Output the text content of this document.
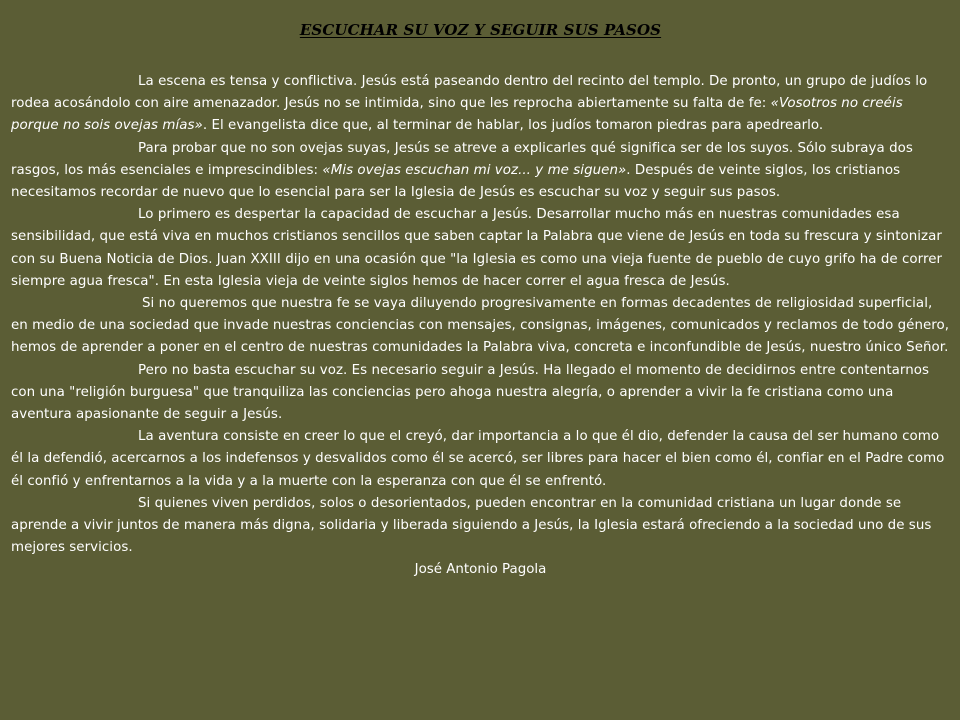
ESCUCHAR SU VOZ Y SEGUIR SUS PASOS

La escena es tensa y conflictiva. Jesús está paseando dentro del recinto del templo. De pronto, un grupo de judíos lo rodea acosándolo con aire amenazador. Jesús no se intimida, sino que les reprocha abiertamente su falta de fe: «Vosotros no creéis porque no sois ovejas mías». El evangelista dice que, al terminar de hablar, los judíos tomaron piedras para apedrearlo.

Para probar que no son ovejas suyas, Jesús se atreve a explicarles qué significa ser de los suyos. Sólo subraya dos rasgos, los más esenciales e imprescindibles: «Mis ovejas escuchan mi voz... y me siguen». Después de veinte siglos, los cristianos necesitamos recordar de nuevo que lo esencial para ser la Iglesia de Jesús es escuchar su voz y seguir sus pasos.

Lo primero es despertar la capacidad de escuchar a Jesús. Desarrollar mucho más en nuestras comunidades esa sensibilidad, que está viva en muchos cristianos sencillos que saben captar la Palabra que viene de Jesús en toda su frescura y sintonizar con su Buena Noticia de Dios. Juan XXIII dijo en una ocasión que "la Iglesia es como una vieja fuente de pueblo de cuyo grifo ha de correr siempre agua fresca". En esta Iglesia vieja de veinte siglos hemos de hacer correr el agua fresca de Jesús.

Si no queremos que nuestra fe se vaya diluyendo progresivamente en formas decadentes de religiosidad superficial, en medio de una sociedad que invade nuestras conciencias con mensajes, consignas, imágenes, comunicados y reclamos de todo género, hemos de aprender a poner en el centro de nuestras comunidades la Palabra viva, concreta e inconfundible de Jesús, nuestro único Señor.

Pero no basta escuchar su voz. Es necesario seguir a Jesús. Ha llegado el momento de decidirnos entre contentarnos con una "religión burguesa" que tranquiliza las conciencias pero ahoga nuestra alegría, o aprender a vivir la fe cristiana como una aventura apasionante de seguir a Jesús.

La aventura consiste en creer lo que el creyó, dar importancia a lo que él dio, defender la causa del ser humano como él la defendió, acercarnos a los indefensos y desvalidos como él se acercó, ser libres para hacer el bien como él, confiar en el Padre como él confió y enfrentarnos a la vida y a la muerte con la esperanza con que él se enfrentó.

Si quienes viven perdidos, solos o desorientados, pueden encontrar en la comunidad cristiana un lugar donde se aprende a vivir juntos de manera más digna, solidaria y liberada siguiendo a Jesús, la Iglesia estará ofreciendo a la sociedad uno de sus mejores servicios.

José Antonio Pagola
